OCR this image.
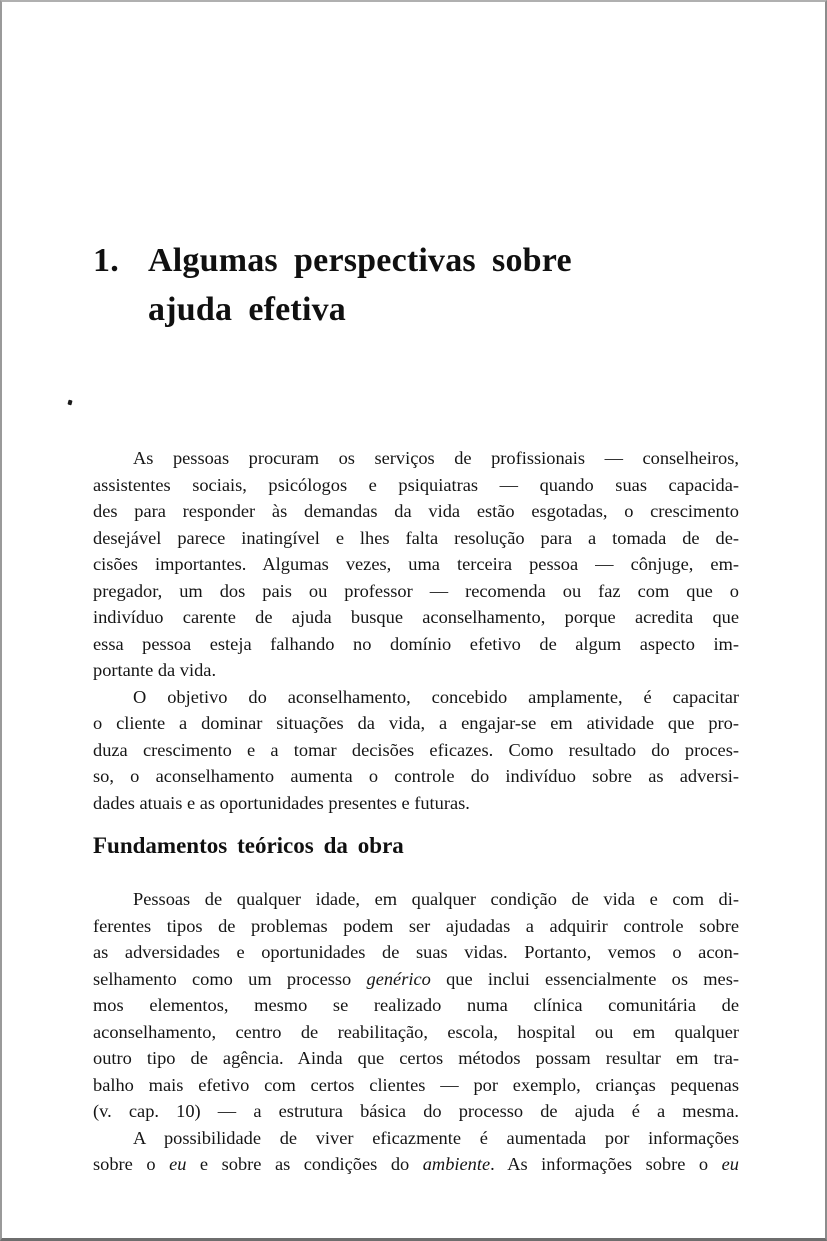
1. Algumas perspectivas sobre
ajuda efetiva
As pessoas procuram os serviços de profissionais — conselheiros,
assistentes sociais, psicólogos e psiquiatras — quando suas capacida-
des para responder às demandas da vida estão esgotadas, o crescimento
desejável parece inatingível e lhes falta resolução para a tomada de de-
cisões importantes. Algumas vezes, uma terceira pessoa — cônjuge, em-
pregador, um dos pais ou professor — recomenda ou faz com que o
indivíduo carente de ajuda busque aconselhamento, porque acredita que
essa pessoa esteja falhando no domínio efetivo de algum aspecto im-
portante da vida.
O objetivo do aconselhamento, concebido amplamente, é capacitar
o cliente a dominar situações da vida, a engajar-se em atividade que pro-
duza crescimento e a tomar decisões eficazes. Como resultado do proces-
so, o aconselhamento aumenta o controle do indivíduo sobre as adversi-
dades atuais e as oportunidades presentes e futuras.
Fundamentos teóricos da obra
Pessoas de qualquer idade, em qualquer condição de vida e com di-
ferentes tipos de problemas podem ser ajudadas a adquirir controle sobre
as adversidades e oportunidades de suas vidas. Portanto, vemos o acon-
selhamento como um processo genérico que inclui essencialmente os mes-
mos elementos, mesmo se realizado numa clínica comunitária de
aconselhamento, centro de reabilitação, escola, hospital ou em qualquer
outro tipo de agência. Ainda que certos métodos possam resultar em tra-
balho mais efetivo com certos clientes — por exemplo, crianças pequenas
(v. cap. 10) — a estrutura básica do processo de ajuda é a mesma.
A possibilidade de viver eficazmente é aumentada por informações
sobre o eu e sobre as condições do ambiente. As informações sobre o eu
